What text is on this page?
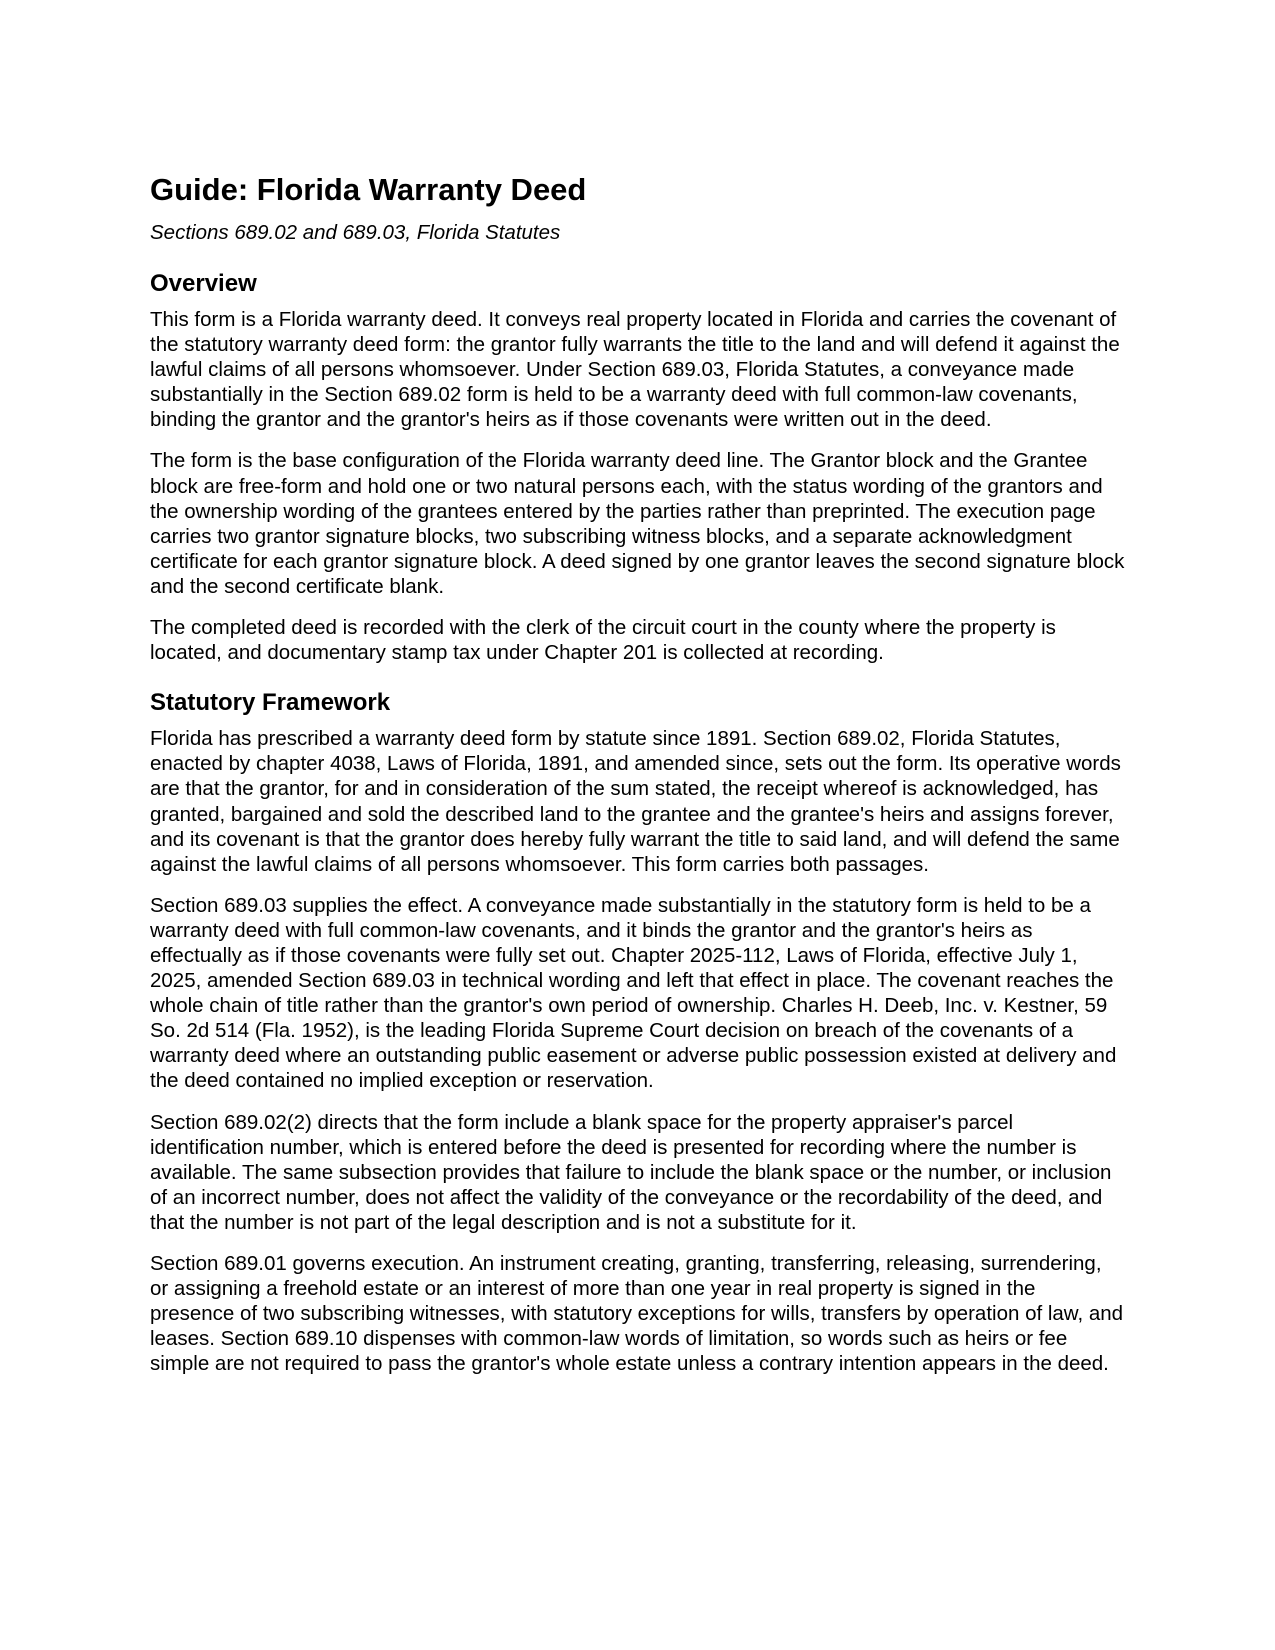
Guide: Florida Warranty Deed
Sections 689.02 and 689.03, Florida Statutes
Overview

This form is a Florida warranty deed. It conveys real property located in Florida and carries the covenant of the statutory warranty deed form: the grantor fully warrants the title to the land and will defend it against the lawful claims of all persons whomsoever. Under Section 689.03, Florida Statutes, a conveyance made substantially in the Section 689.02 form is held to be a warranty deed with full common-law covenants, binding the grantor and the grantor's heirs as if those covenants were written out in the deed.

The form is the base configuration of the Florida warranty deed line. The Grantor block and the Grantee block are free-form and hold one or two natural persons each, with the status wording of the grantors and the ownership wording of the grantees entered by the parties rather than preprinted. The execution page carries two grantor signature blocks, two subscribing witness blocks, and a separate acknowledgment certificate for each grantor signature block. A deed signed by one grantor leaves the second signature block and the second certificate blank.

The completed deed is recorded with the clerk of the circuit court in the county where the property is located, and documentary stamp tax under Chapter 201 is collected at recording.

Statutory Framework

Florida has prescribed a warranty deed form by statute since 1891. Section 689.02, Florida Statutes, enacted by chapter 4038, Laws of Florida, 1891, and amended since, sets out the form. Its operative words are that the grantor, for and in consideration of the sum stated, the receipt whereof is acknowledged, has granted, bargained and sold the described land to the grantee and the grantee's heirs and assigns forever, and its covenant is that the grantor does hereby fully warrant the title to said land, and will defend the same against the lawful claims of all persons whomsoever. This form carries both passages.

Section 689.03 supplies the effect. A conveyance made substantially in the statutory form is held to be a warranty deed with full common-law covenants, and it binds the grantor and the grantor's heirs as effectually as if those covenants were fully set out. Chapter 2025-112, Laws of Florida, effective July 1, 2025, amended Section 689.03 in technical wording and left that effect in place. The covenant reaches the whole chain of title rather than the grantor's own period of ownership. Charles H. Deeb, Inc. v. Kestner, 59 So. 2d 514 (Fla. 1952), is the leading Florida Supreme Court decision on breach of the covenants of a warranty deed where an outstanding public easement or adverse public possession existed at delivery and the deed contained no implied exception or reservation.

Section 689.02(2) directs that the form include a blank space for the property appraiser's parcel identification number, which is entered before the deed is presented for recording where the number is available. The same subsection provides that failure to include the blank space or the number, or inclusion of an incorrect number, does not affect the validity of the conveyance or the recordability of the deed, and that the number is not part of the legal description and is not a substitute for it.

Section 689.01 governs execution. An instrument creating, granting, transferring, releasing, surrendering, or assigning a freehold estate or an interest of more than one year in real property is signed in the presence of two subscribing witnesses, with statutory exceptions for wills, transfers by operation of law, and leases. Section 689.10 dispenses with common-law words of limitation, so words such as heirs or fee simple are not required to pass the grantor's whole estate unless a contrary intention appears in the deed.
